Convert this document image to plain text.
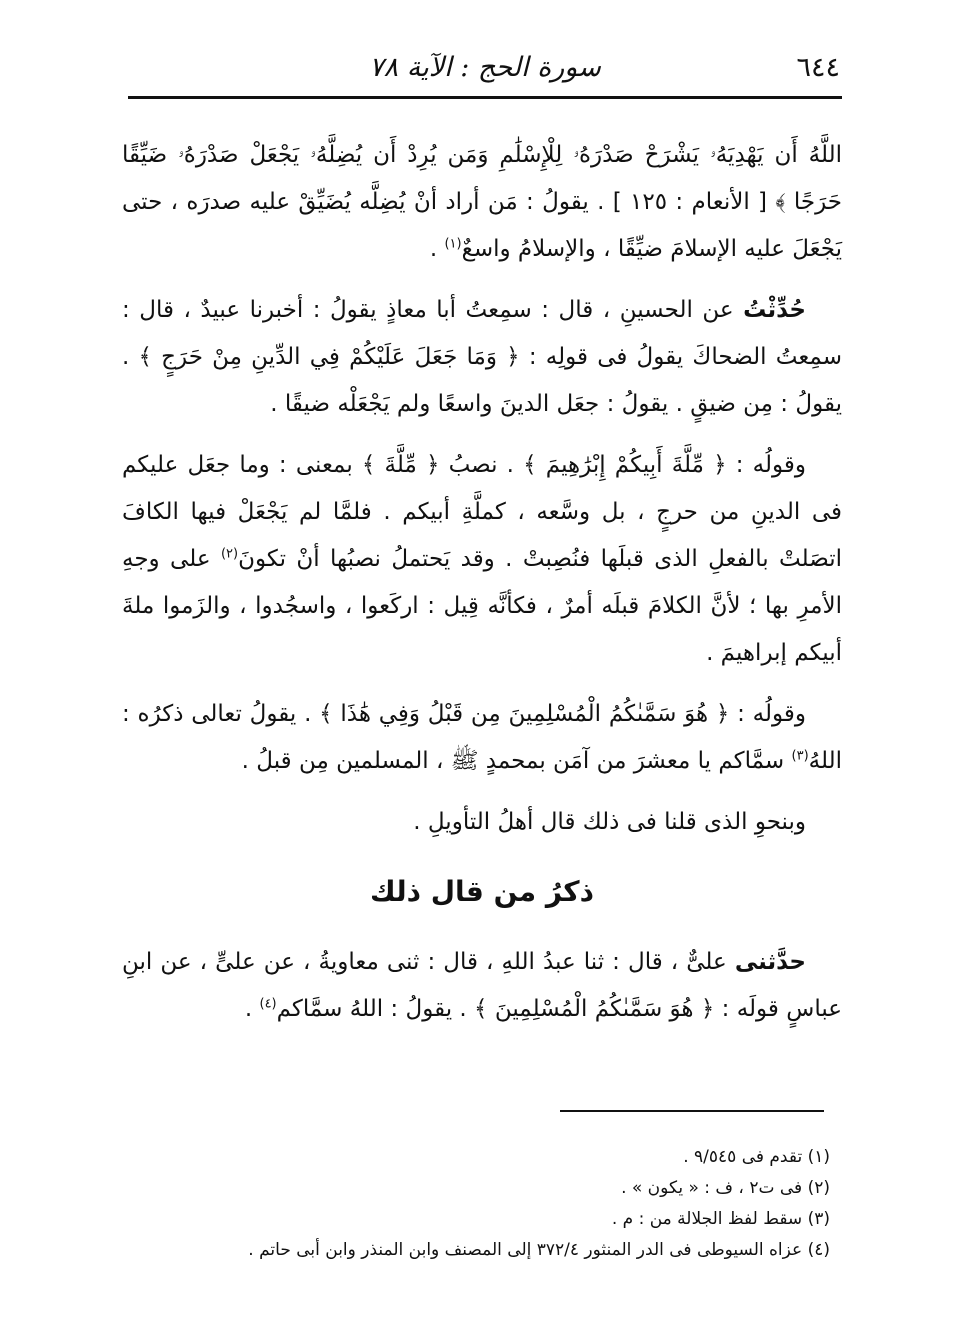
٦٤٤
سورة الحج : الآية ٧٨

اللَّهُ أَن يَهْدِيَهُۥ يَشْرَحْ صَدْرَهُۥ لِلْإِسْلَٰمِ وَمَن يُرِدْ أَن يُضِلَّهُۥ يَجْعَلْ صَدْرَهُۥ ضَيِّقًا حَرَجًا ﴾ [ الأنعام : ١٢٥ ] . يقولُ : مَن أراد أنْ يُضِلَّه يُضَيِّقْ عليه صدرَه ، حتى يَجْعَلَ عليه الإسلامَ ضيِّقًا ، والإسلامُ واسعٌ$^{(١)}$ .

حُدِّثْتُ عن الحسينِ ، قال : سمِعتُ أبا معاذٍ يقولُ : أخبرنا عبيدٌ ، قال : سمِعتُ الضحاكَ يقولُ فى قولِه : ﴿ وَمَا جَعَلَ عَلَيْكُمْ فِي الدِّينِ مِنْ حَرَجٍ ﴾ . يقولُ : مِن ضيقٍ . يقولُ : جعَل الدينَ واسعًا ولم يَجْعَلْه ضيقًا .

وقولُه : ﴿ مِّلَّةَ أَبِيكُمْ إِبْرَٰهِيمَ ﴾ . نصبُ ﴿ مِّلَّةَ ﴾ بمعنى : وما جعَل عليكم فى الدينِ من حرجٍ ، بل وسَّعه ، كملَّةِ أبيكم . فلمَّا لم يَجْعَلْ فيها الكافَ اتصَلتْ بالفعلِ الذى قبلَها فنُصِبتْ . وقد يَحتملُ نصبُها أنْ تكونَ$^{(٢)}$ على وجهِ الأمرِ بها ؛ لأنَّ الكلامَ قبلَه أمرٌ ، فكأنَّه قِيل : اركَعوا ، واسجُدوا ، والزَموا ملةَ أبيكم إبراهيمَ .

وقولُه : ﴿ هُوَ سَمَّىٰكُمُ الْمُسْلِمِينَ مِن قَبْلُ وَفِي هَٰذَا ﴾ . يقولُ تعالى ذكرُه : اللهُ$^{(٣)}$ سمَّاكم يا معشرَ من آمَن بمحمدٍ ﷺ ، المسلمين مِن قبلُ .

وبنحوِ الذى قلنا فى ذلك قال أهلُ التأويلِ .

ذكرُ من قال ذلك

حدَّثنى علىٌّ ، قال : ثنا عبدُ اللهِ ، قال : ثنى معاويةُ ، عن علىٍّ ، عن ابنِ عباسٍ قولَه : ﴿ هُوَ سَمَّىٰكُمُ الْمُسْلِمِينَ ﴾ . يقولُ : اللهُ سمَّاكم$^{(٤)}$ .

(١) تقدم فى ٩/٥٤٥ .

(٢) فى ت٢ ، ف : « يكون » .

(٣) سقط لفظ الجلالة من : م .

(٤) عزاه السيوطى فى الدر المنثور ٣٧٢/٤ إلى المصنف وابن المنذر وابن أبى حاتم .
